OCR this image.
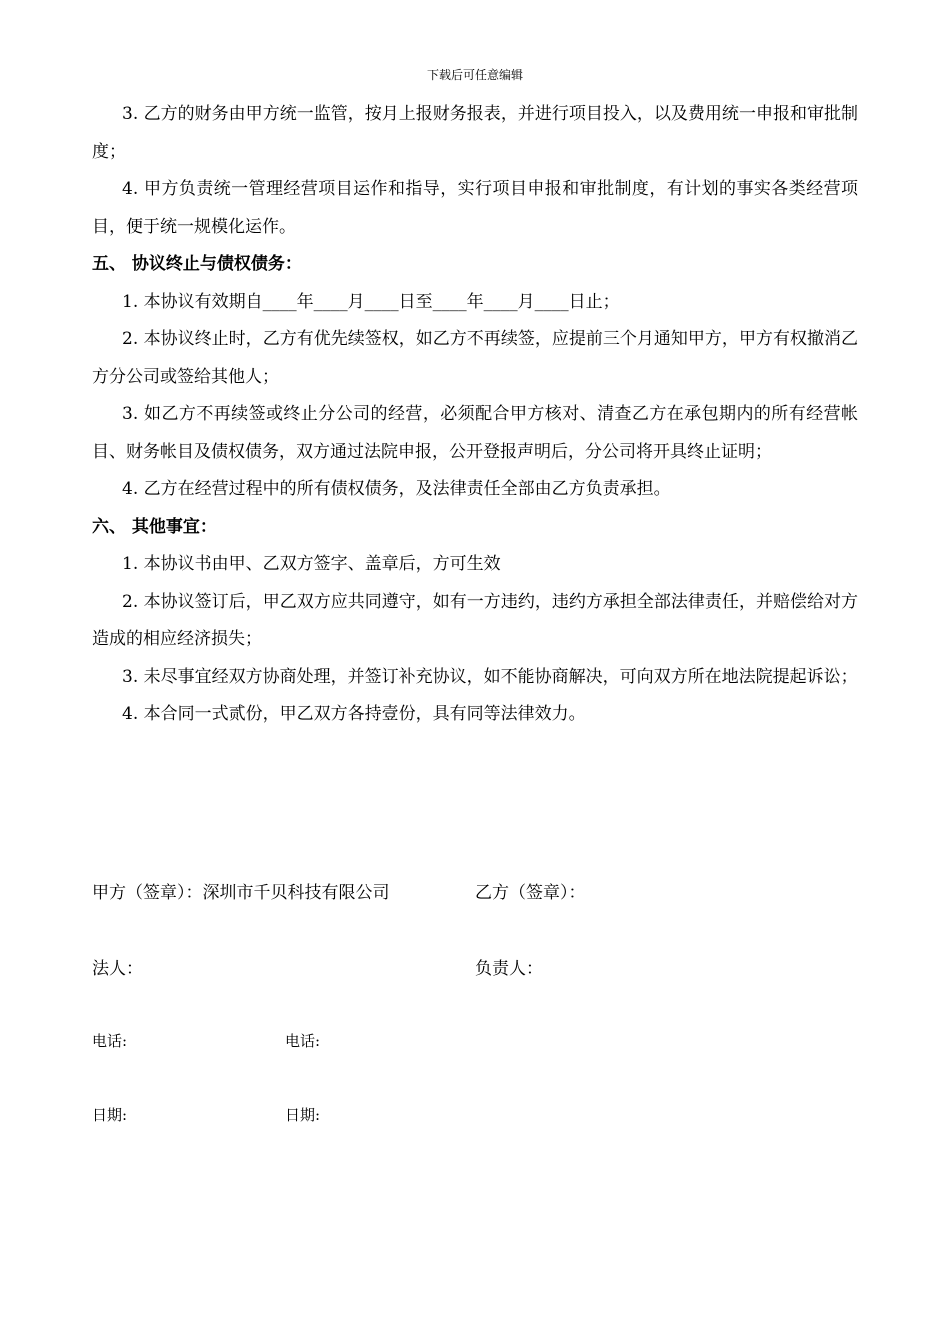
下载后可任意编辑

3. 乙方的财务由甲方统一监管，按月上报财务报表，并进行项目投入，以及费用统一申报和审批制度；

4. 甲方负责统一管理经营项目运作和指导，实行项目申报和审批制度，有计划的事实各类经营项目，便于统一规模化运作。

五、 协议终止与债权债务：

1. 本协议有效期自____年____月____日至____年____月____日止；

2. 本协议终止时，乙方有优先续签权，如乙方不再续签，应提前三个月通知甲方，甲方有权撤消乙方分公司或签给其他人；

3. 如乙方不再续签或终止分公司的经营，必须配合甲方核对、清查乙方在承包期内的所有经营帐目、财务帐目及债权债务，双方通过法院申报，公开登报声明后，分公司将开具终止证明；

4. 乙方在经营过程中的所有债权债务，及法律责任全部由乙方负责承担。

六、 其他事宜：

1. 本协议书由甲、乙双方签字、盖章后，方可生效

2. 本协议签订后，甲乙双方应共同遵守，如有一方违约，违约方承担全部法律责任，并赔偿给对方造成的相应经济损失；

3. 未尽事宜经双方协商处理，并签订补充协议，如不能协商解决，可向双方所在地法院提起诉讼；

4. 本合同一式贰份，甲乙双方各持壹份，具有同等法律效力。

甲方（签章）：深圳市千贝科技有限公司	乙方（签章）：
法人：	负责人：
电话:	电话:
日期:	日期:
